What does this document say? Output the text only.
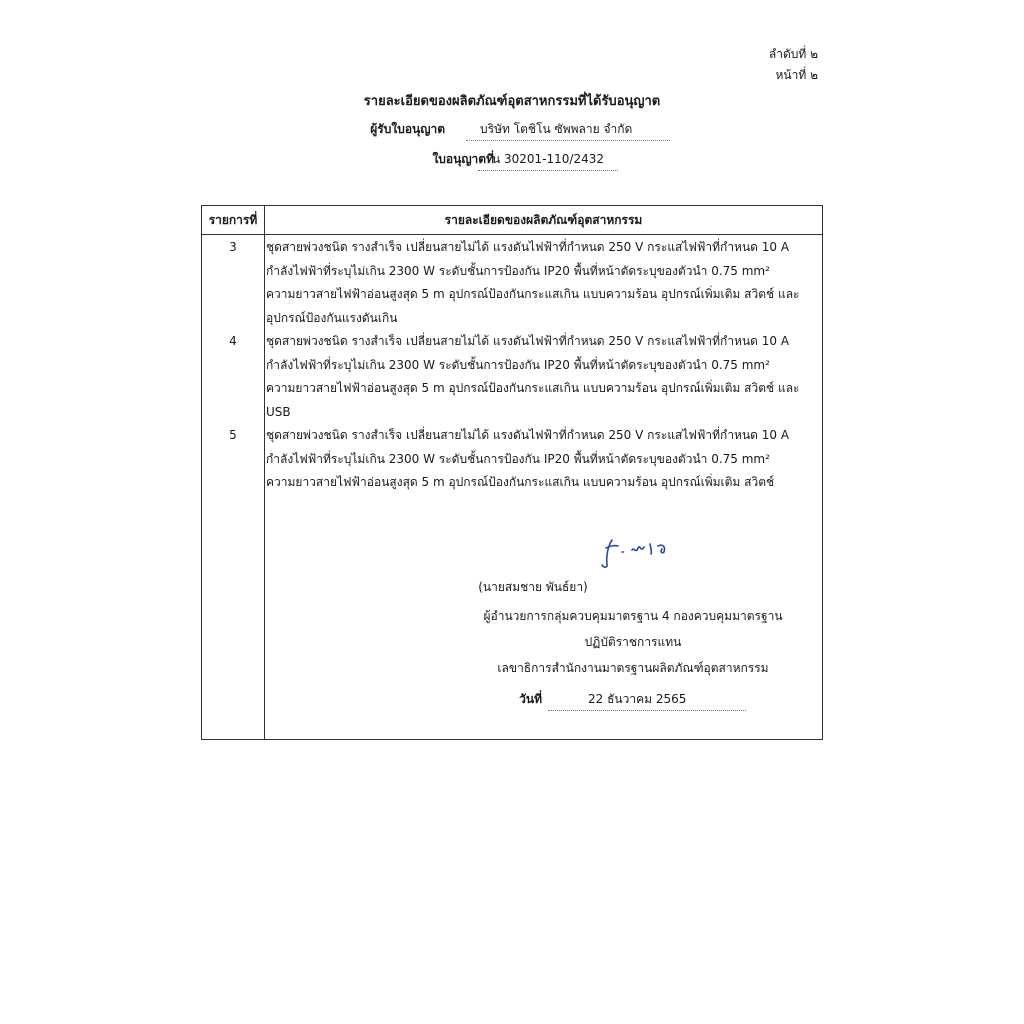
ลำดับที่ ๒
หน้าที่ ๒
รายละเอียดของผลิตภัณฑ์อุตสาหกรรมที่ได้รับอนุญาต
ผู้รับใบอนุญาต	บริษัท โตชิโน ซัพพลาย จำกัด
ใบอนุญาตที่
น 30201-110/2432
รายการที่	รายละเอียดของผลิตภัณฑ์อุตสาหกรรม
3	ชุดสายพ่วงชนิด รางสำเร็จ เปลี่ยนสายไม่ได้ แรงดันไฟฟ้าที่กำหนด 250 V กระแสไฟฟ้าที่กำหนด 10 A
กำลังไฟฟ้าที่ระบุไม่เกิน 2300 W ระดับชั้นการป้องกัน IP20 พื้นที่หน้าตัดระบุของตัวนำ 0.75 mm²
ความยาวสายไฟฟ้าอ่อนสูงสุด 5 m อุปกรณ์ป้องกันกระแสเกิน แบบความร้อน อุปกรณ์เพิ่มเติม สวิตช์ และ
อุปกรณ์ป้องกันแรงดันเกิน
4	ชุดสายพ่วงชนิด รางสำเร็จ เปลี่ยนสายไม่ได้ แรงดันไฟฟ้าที่กำหนด 250 V กระแสไฟฟ้าที่กำหนด 10 A
กำลังไฟฟ้าที่ระบุไม่เกิน 2300 W ระดับชั้นการป้องกัน IP20 พื้นที่หน้าตัดระบุของตัวนำ 0.75 mm²
ความยาวสายไฟฟ้าอ่อนสูงสุด 5 m อุปกรณ์ป้องกันกระแสเกิน แบบความร้อน อุปกรณ์เพิ่มเติม สวิตช์ และ
USB
5	ชุดสายพ่วงชนิด รางสำเร็จ เปลี่ยนสายไม่ได้ แรงดันไฟฟ้าที่กำหนด 250 V กระแสไฟฟ้าที่กำหนด 10 A
กำลังไฟฟ้าที่ระบุไม่เกิน 2300 W ระดับชั้นการป้องกัน IP20 พื้นที่หน้าตัดระบุของตัวนำ 0.75 mm²
ความยาวสายไฟฟ้าอ่อนสูงสุด 5 m อุปกรณ์ป้องกันกระแสเกิน แบบความร้อน อุปกรณ์เพิ่มเติม สวิตช์
(นายสมชาย พันธ์ยา)
ผู้อำนวยการกลุ่มควบคุมมาตรฐาน 4 กองควบคุมมาตรฐาน
ปฏิบัติราชการแทน
เลขาธิการสำนักงานมาตรฐานผลิตภัณฑ์อุตสาหกรรม
วันที่	22 ธันวาคม 2565
